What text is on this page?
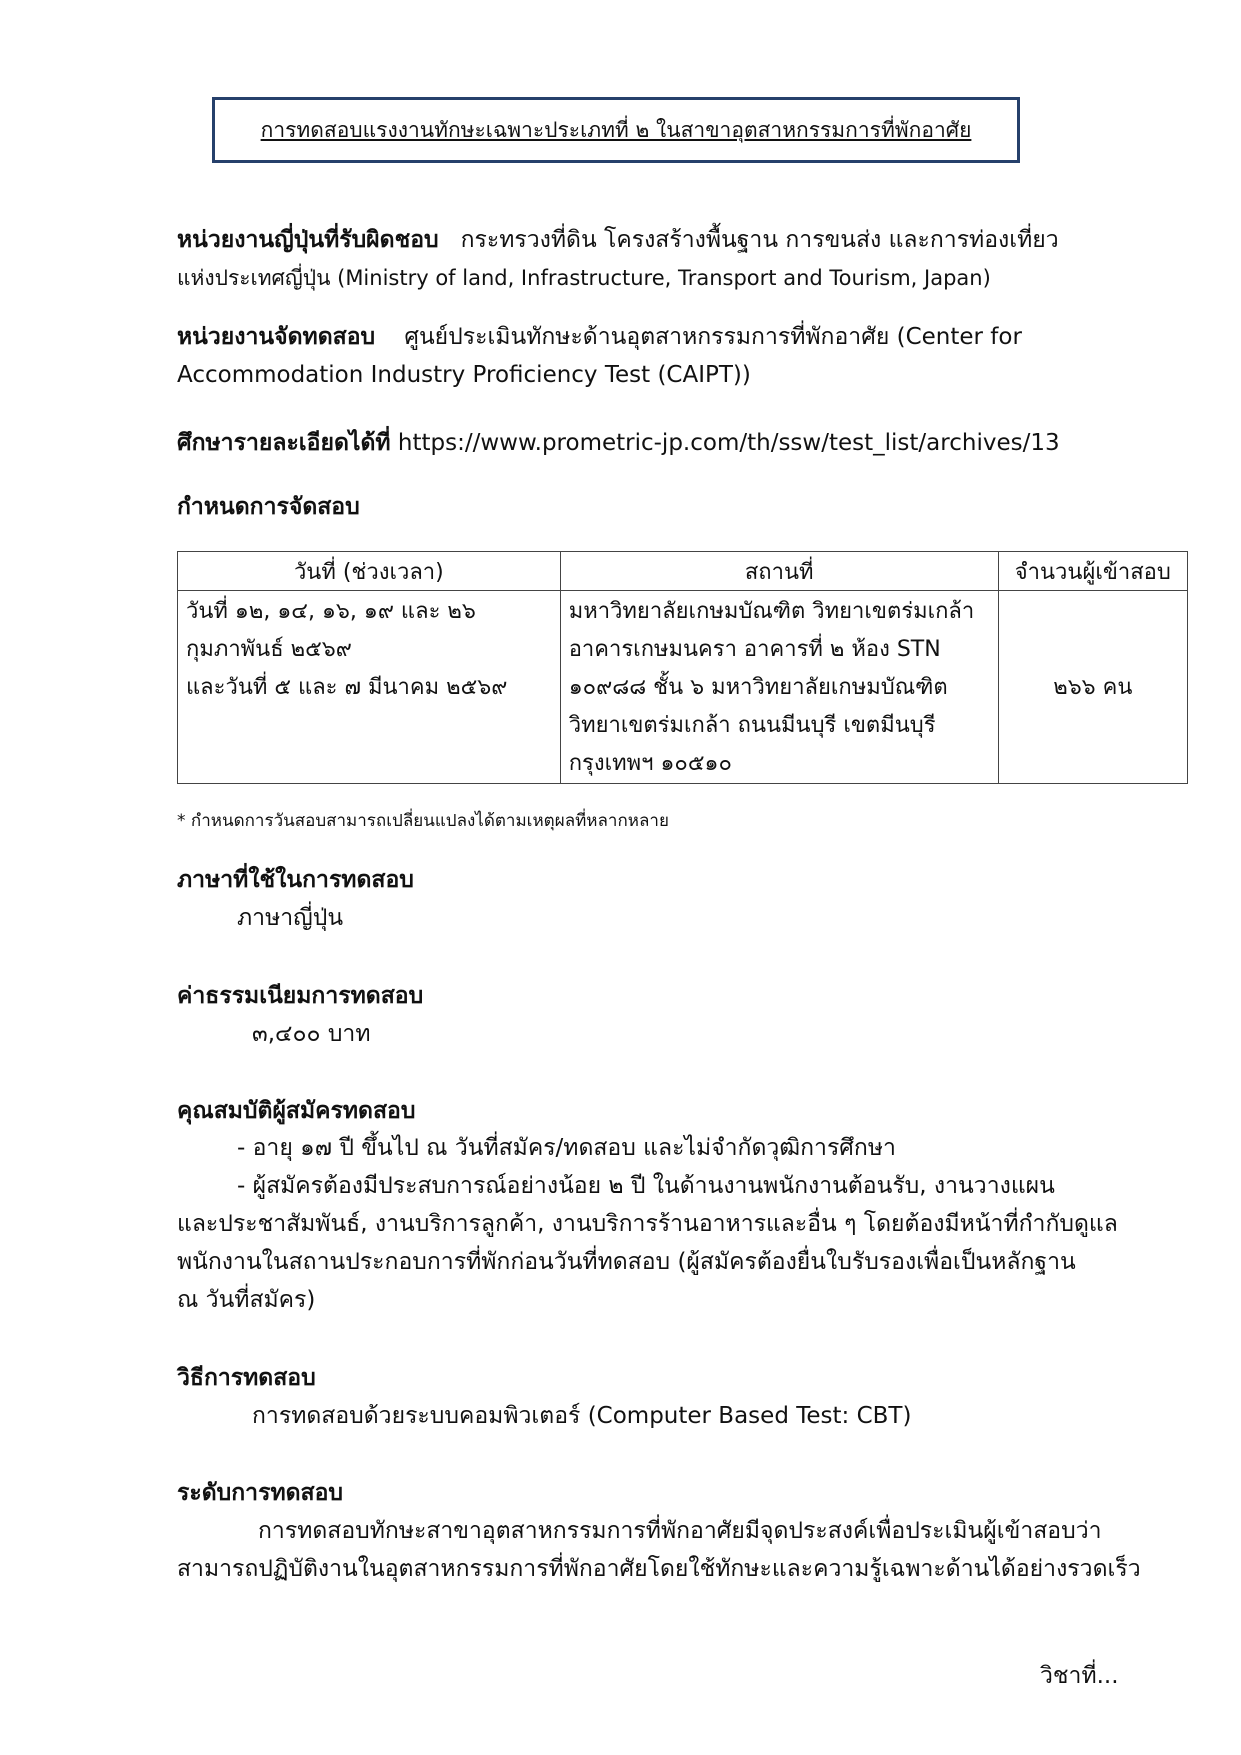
การทดสอบแรงงานทักษะเฉพาะประเภทที่ ๒ ในสาขาอุตสาหกรรมการที่พักอาศัย
หน่วยงานญี่ปุ่นที่รับผิดชอบ กระทรวงที่ดิน โครงสร้างพื้นฐาน การขนส่ง และการท่องเที่ยว
แห่งประเทศญี่ปุ่น (Ministry of land, Infrastructure, Transport and Tourism, Japan)
หน่วยงานจัดทดสอบ ศูนย์ประเมินทักษะด้านอุตสาหกรรมการที่พักอาศัย (Center for
Accommodation Industry Proficiency Test (CAIPT))
ศึกษารายละเอียดได้ที่ https://www.prometric-jp.com/th/ssw/test_list/archives/13
กำหนดการจัดสอบ
วันที่ (ช่วงเวลา)	สถานที่	จำนวนผู้เข้าสอบ

วันที่ ๑๒, ๑๔, ๑๖, ๑๙ และ ๒๖
กุมภาพันธ์ ๒๕๖๙
และวันที่ ๕ และ ๗ มีนาคม ๒๕๖๙	มหาวิทยาลัยเกษมบัณฑิต วิทยาเขตร่มเกล้า
อาคารเกษมนครา อาคารที่ ๒ ห้อง STN
๑๐๙๘๘ ชั้น ๖ มหาวิทยาลัยเกษมบัณฑิต
วิทยาเขตร่มเกล้า ถนนมีนบุรี เขตมีนบุรี
กรุงเทพฯ ๑๐๕๑๐	๒๖๖ คน
* กำหนดการวันสอบสามารถเปลี่ยนแปลงได้ตามเหตุผลที่หลากหลาย
ภาษาที่ใช้ในการทดสอบ
ภาษาญี่ปุ่น
ค่าธรรมเนียมการทดสอบ
๓,๔๐๐ บาท
คุณสมบัติผู้สมัครทดสอบ
- อายุ ๑๗ ปี ขึ้นไป ณ วันที่สมัคร/ทดสอบ และไม่จำกัดวุฒิการศึกษา
- ผู้สมัครต้องมีประสบการณ์อย่างน้อย ๒ ปี ในด้านงานพนักงานต้อนรับ, งานวางแผน
และประชาสัมพันธ์, งานบริการลูกค้า, งานบริการร้านอาหารและอื่น ๆ โดยต้องมีหน้าที่กำกับดูแล
พนักงานในสถานประกอบการที่พักก่อนวันที่ทดสอบ (ผู้สมัครต้องยื่นใบรับรองเพื่อเป็นหลักฐาน
ณ วันที่สมัคร)
วิธีการทดสอบ
การทดสอบด้วยระบบคอมพิวเตอร์ (Computer Based Test: CBT)
ระดับการทดสอบ
การทดสอบทักษะสาขาอุตสาหกรรมการที่พักอาศัยมีจุดประสงค์เพื่อประเมินผู้เข้าสอบว่า
สามารถปฏิบัติงานในอุตสาหกรรมการที่พักอาศัยโดยใช้ทักษะและความรู้เฉพาะด้านได้อย่างรวดเร็ว
วิชาที่...
